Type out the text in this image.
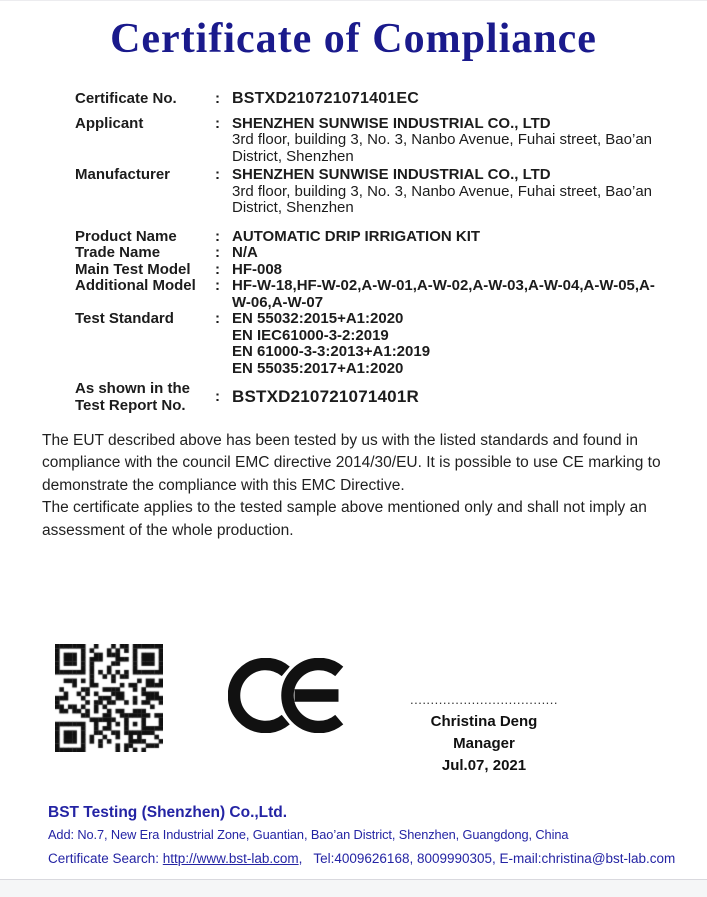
Certificate of Compliance
Certificate No.	: BSTXD210721071401EC
Applicant	: SHENZHEN SUNWISE INDUSTRIAL CO., LTD
3rd floor, building 3, No. 3, Nanbo Avenue, Fuhai street, Bao’an District, Shenzhen
Manufacturer	: SHENZHEN SUNWISE INDUSTRIAL CO., LTD
3rd floor, building 3, No. 3, Nanbo Avenue, Fuhai street, Bao’an District, Shenzhen
Product Name	: AUTOMATIC DRIP IRRIGATION KIT
Trade Name	: N/A
Main Test Model	: HF-008
Additional Model	: HF-W-18,HF-W-02,A-W-01,A-W-02,A-W-03,A-W-04,A-W-05,A-W-06,A-W-07
Test Standard	: EN 55032:2015+A1:2020
EN IEC61000-3-2:2019
EN 61000-3-3:2013+A1:2019
EN 55035:2017+A1:2020
As shown in the Test Report No.	: BSTXD210721071401R

The EUT described above has been tested by us with the listed standards and found in compliance with the council EMC directive 2014/30/EU. It is possible to use CE marking to demonstrate the compliance with this EMC Directive.

The certificate applies to the tested sample above mentioned only and shall not imply an assessment of the whole production.

....................................
Christina Deng
Manager
Jul.07, 2021
BST Testing (Shenzhen) Co.,Ltd.
Add: No.7, New Era Industrial Zone, Guantian, Bao’an District, Shenzhen, Guangdong, China
Certificate Search: http://www.bst-lab.com,   Tel:4009626168, 8009990305, E-mail:christina@bst-lab.com
